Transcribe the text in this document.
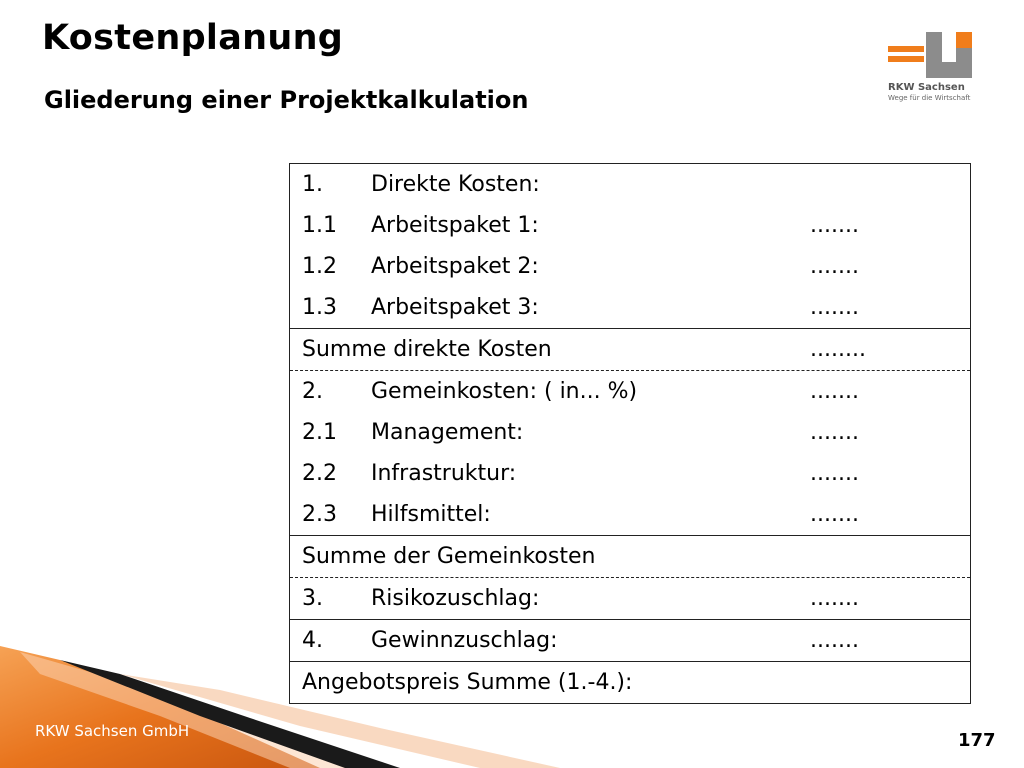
Kostenplanung
Gliederung einer Projektkalkulation	RKW Sachsen
Wege für die Wirtschaft
1. Direkte Kosten:
1.1 Arbeitspaket 1:	.......
1.2 Arbeitspaket 2:	.......
1.3 Arbeitspaket 3:	.......
Summe direkte Kosten	........
2. Gemeinkosten: ( in... %)	.......
2.1 Management:	.......
2.2 Infrastruktur:	.......
2.3 Hilfsmittel:	.......
Summe der Gemeinkosten
3. Risikozuschlag:	.......
4. Gewinnzuschlag:	.......
Angebotspreis Summe (1.-4.):
RKW Sachsen GmbH	177
